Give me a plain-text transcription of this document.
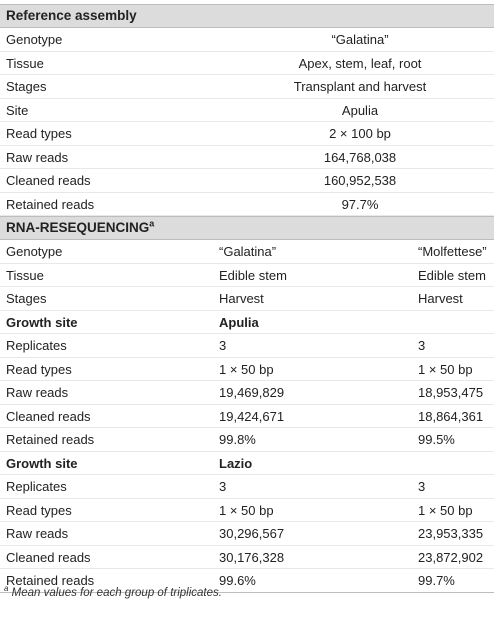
Reference assembly
Genotype	“Galatina”
Tissue	Apex, stem, leaf, root
Stages	Transplant and harvest
Site	Apulia
Read types	2 × 100 bp
Raw reads	164,768,038
Cleaned reads	160,952,538
Retained reads	97.7%
RNA-RESEQUENCING$^a$
Genotype	“Galatina”	“Molfettese”
Tissue	Edible stem	Edible stem
Stages	Harvest	Harvest
Growth site	Apulia
Replicates	3	3
Read types	1 × 50 bp	1 × 50 bp
Raw reads	19,469,829	18,953,475
Cleaned reads	19,424,671	18,864,361
Retained reads	99.8%	99.5%
Growth site	Lazio
Replicates	3	3
Read types	1 × 50 bp	1 × 50 bp
Raw reads	30,296,567	23,953,335
Cleaned reads	30,176,328	23,872,902
Retained reads	99.6%	99.7%
$^a$ Mean values for each group of triplicates.
